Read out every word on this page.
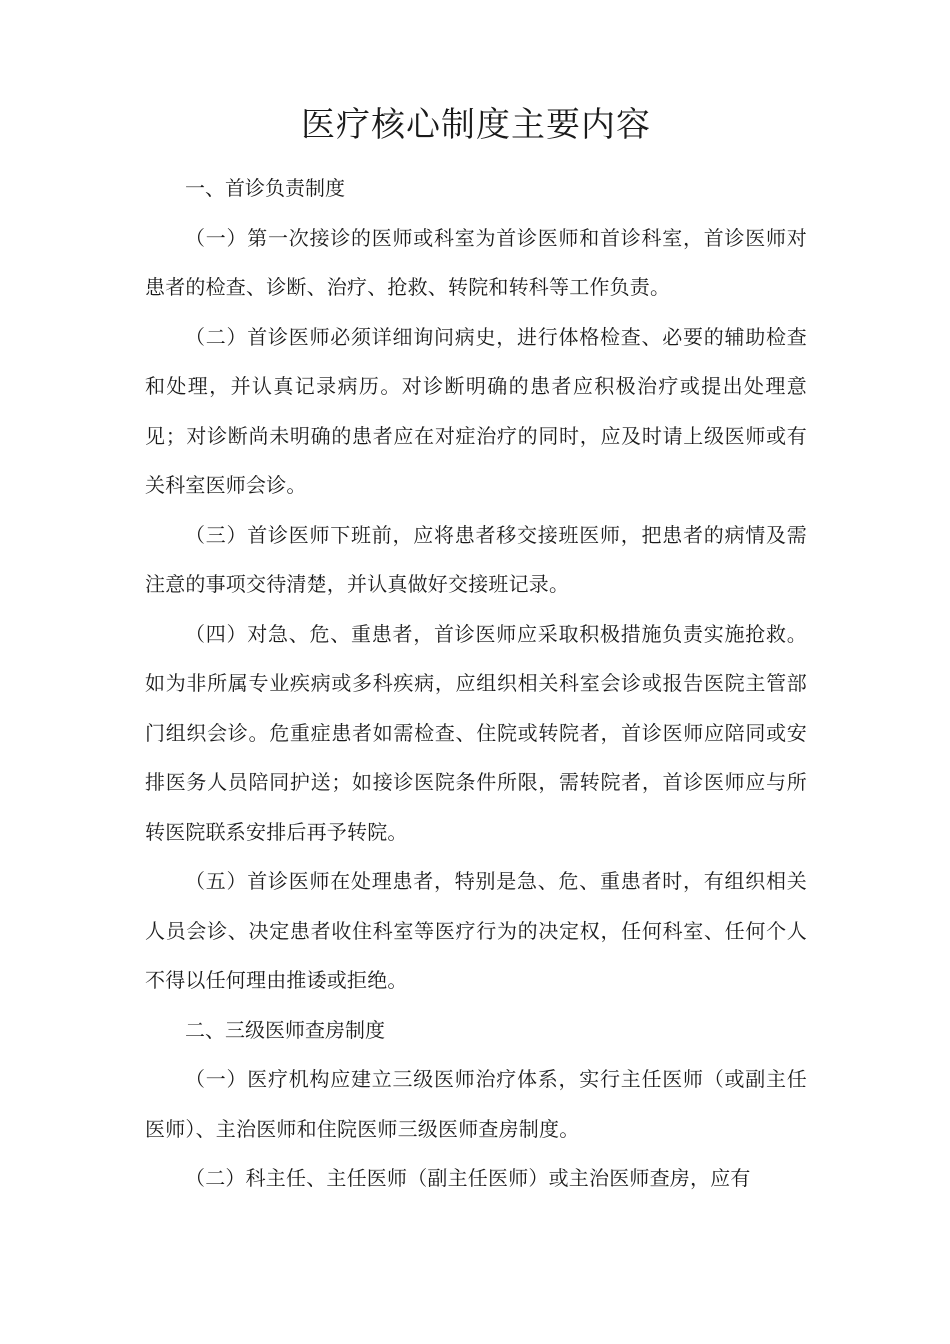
医疗核心制度主要内容

一、首诊负责制度

（一）第一次接诊的医师或科室为首诊医师和首诊科室，首诊医师对患者的检查、诊断、治疗、抢救、转院和转科等工作负责。

（二）首诊医师必须详细询问病史，进行体格检查、必要的辅助检查和处理，并认真记录病历。对诊断明确的患者应积极治疗或提出处理意见；对诊断尚未明确的患者应在对症治疗的同时，应及时请上级医师或有关科室医师会诊。

（三）首诊医师下班前，应将患者移交接班医师，把患者的病情及需注意的事项交待清楚，并认真做好交接班记录。

（四）对急、危、重患者，首诊医师应采取积极措施负责实施抢救。如为非所属专业疾病或多科疾病，应组织相关科室会诊或报告医院主管部门组织会诊。危重症患者如需检查、住院或转院者，首诊医师应陪同或安排医务人员陪同护送；如接诊医院条件所限，需转院者，首诊医师应与所转医院联系安排后再予转院。

（五）首诊医师在处理患者，特别是急、危、重患者时，有组织相关人员会诊、决定患者收住科室等医疗行为的决定权，任何科室、任何个人不得以任何理由推诿或拒绝。

二、三级医师查房制度

（一）医疗机构应建立三级医师治疗体系，实行主任医师（或副主任医师）、主治医师和住院医师三级医师查房制度。

（二）科主任、主任医师（副主任医师）或主治医师查房，应有
